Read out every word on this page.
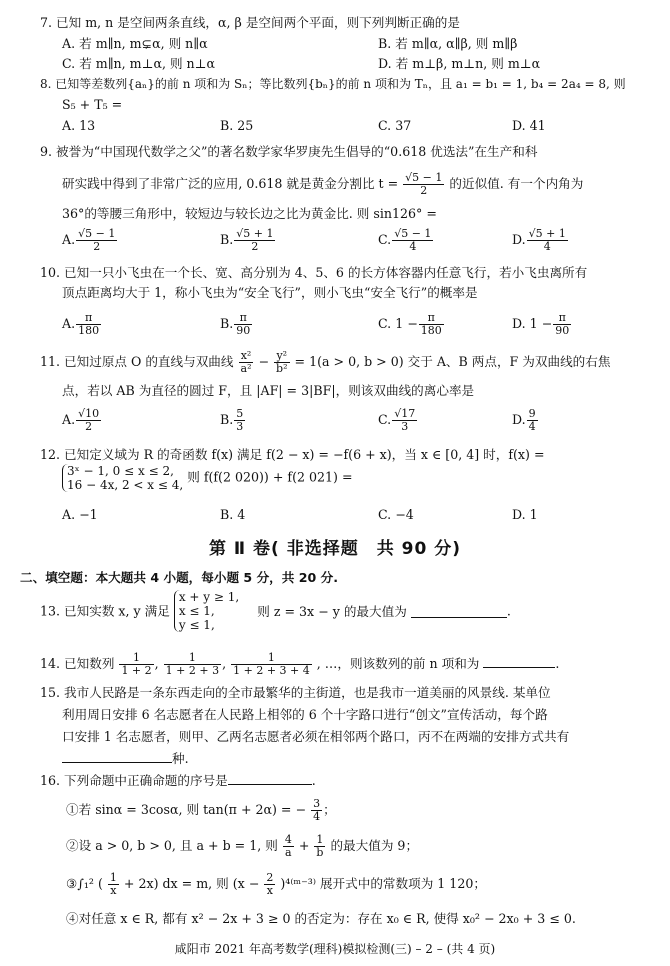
7. 已知 m, n 是空间两条直线，α, β 是空间两个平面，则下列判断正确的是
A. 若 m∥n, m⊊α, 则 n∥α	B. 若 m∥α, α∥β, 则 m∥β
C. 若 m∥n, m⊥α, 则 n⊥α	D. 若 m⊥β, m⊥n, 则 m⊥α
8. 已知等差数列{aₙ}的前 n 项和为 Sₙ；等比数列{bₙ}的前 n 项和为 Tₙ，且 a₁ = b₁ = 1, b₄ = 2a₄ = 8, 则
S₅ + T₅ =
A. 13	B. 25	C. 37	D. 41
9. 被誉为“中国现代数学之父”的著名数学家华罗庚先生倡导的“0.618 优选法”在生产和科
研实践中得到了非常广泛的应用, 0.618 就是黄金分割比 $t = \frac{√5 - 1}{2}$ 的近似值. 有一个内角为
36°的等腰三角形中，较短边与较长边之比为黄金比. 则 sin126° =
A. $\frac{√5 - 1}{2}$	B. $\frac{√5 + 1}{2}$	C. $\frac{√5 - 1}{4}$	D. $\frac{√5 + 1}{4}$
10. 已知一只小飞虫在一个长、宽、高分别为 4、5、6 的长方体容器内任意飞行，若小飞虫离所有
顶点距离均大于 1，称小飞虫为“安全飞行”，则小飞虫“安全飞行”的概率是
A. $\frac{\pi}{180}$	B. $\frac{\pi}{90}$	C. $1 - \frac{\pi}{180}$	D. $1 - \frac{\pi}{90}$
11. 已知过原点 O 的直线与双曲线 $\frac{\text{x²}}{\text{a²}} - \frac{\text{y²}}{\text{b²}} = 1(a > 0$, b > 0) 交于 A、B 两点，F 为双曲线的右焦
点，若以 AB 为直径的圆过 F，且 |AF| = 3|BF|，则该双曲线的离心率是
A. $\frac{√10}{2}$	B. $\frac{5}{3}$	C. $\frac{√17}{3}$	D. $\frac{9}{4}$
12. 已知定义域为 R 的奇函数 f(x) 满足 f(2 − x) = −f(6 + x)，当 x ∈ [0, 4] 时，f(x) =
3ˣ − 1, 0 ≤ x ≤ 2,
16 − 4x, 2 < x ≤ 4,
则 f(f(2 020)) + f(2 021) =
A. −1	B. 4	C. −4	D. 1
第 Ⅱ 卷( 非选择题　共 90 分)
二、填空题：本大题共 4 小题，每小题 5 分，共 20 分.
13. 已知实数 x, y 满足
x + y ≥ 1,
x ≤ 1,
y ≤ 1,
则 z = 3x − y 的最大值为	.
14. 已知数列 $\frac{1}{1 + 2}$ , $\frac{1}{1 + 2 + 3}$ , $\frac{1}{1 + 2 + 3 + 4}$ , …，则该数列的前 n 项和为	.
15. 我市人民路是一条东西走向的全市最繁华的主街道，也是我市一道美丽的风景线. 某单位
利用周日安排 6 名志愿者在人民路上相邻的 6 个十字路口进行“创文”宣传活动，每个路
口安排 1 名志愿者，则甲、乙两名志愿者必须在相邻两个路口，丙不在两端的安排方式共有
种.
16. 下列命题中正确命题的序号是	.
①若 sinα = 3cosα, 则 tan(π + 2α) = − $\frac{3}{4}$ ；
②设 a > 0, b > 0, 且 a + b = 1, 则 $\frac{4}{a} + \frac{1}{b}$ 的最大值为 9；
③∫₁² ( $\frac{1}{x} + 2x$) dx = m, 则 ($x - \frac{2}{x}$ )⁴⁽ᵐ⁻³⁾ 展开式中的常数项为 1 120；
④对任意 x ∈ R, 都有 x² − 2x + 3 ≥ 0 的否定为：存在 x₀ ∈ R, 使得 x₀² − 2x₀ + 3 ≤ 0.
咸阳市 2021 年高考数学(理科)模拟检测(三) – 2 – (共 4 页)
